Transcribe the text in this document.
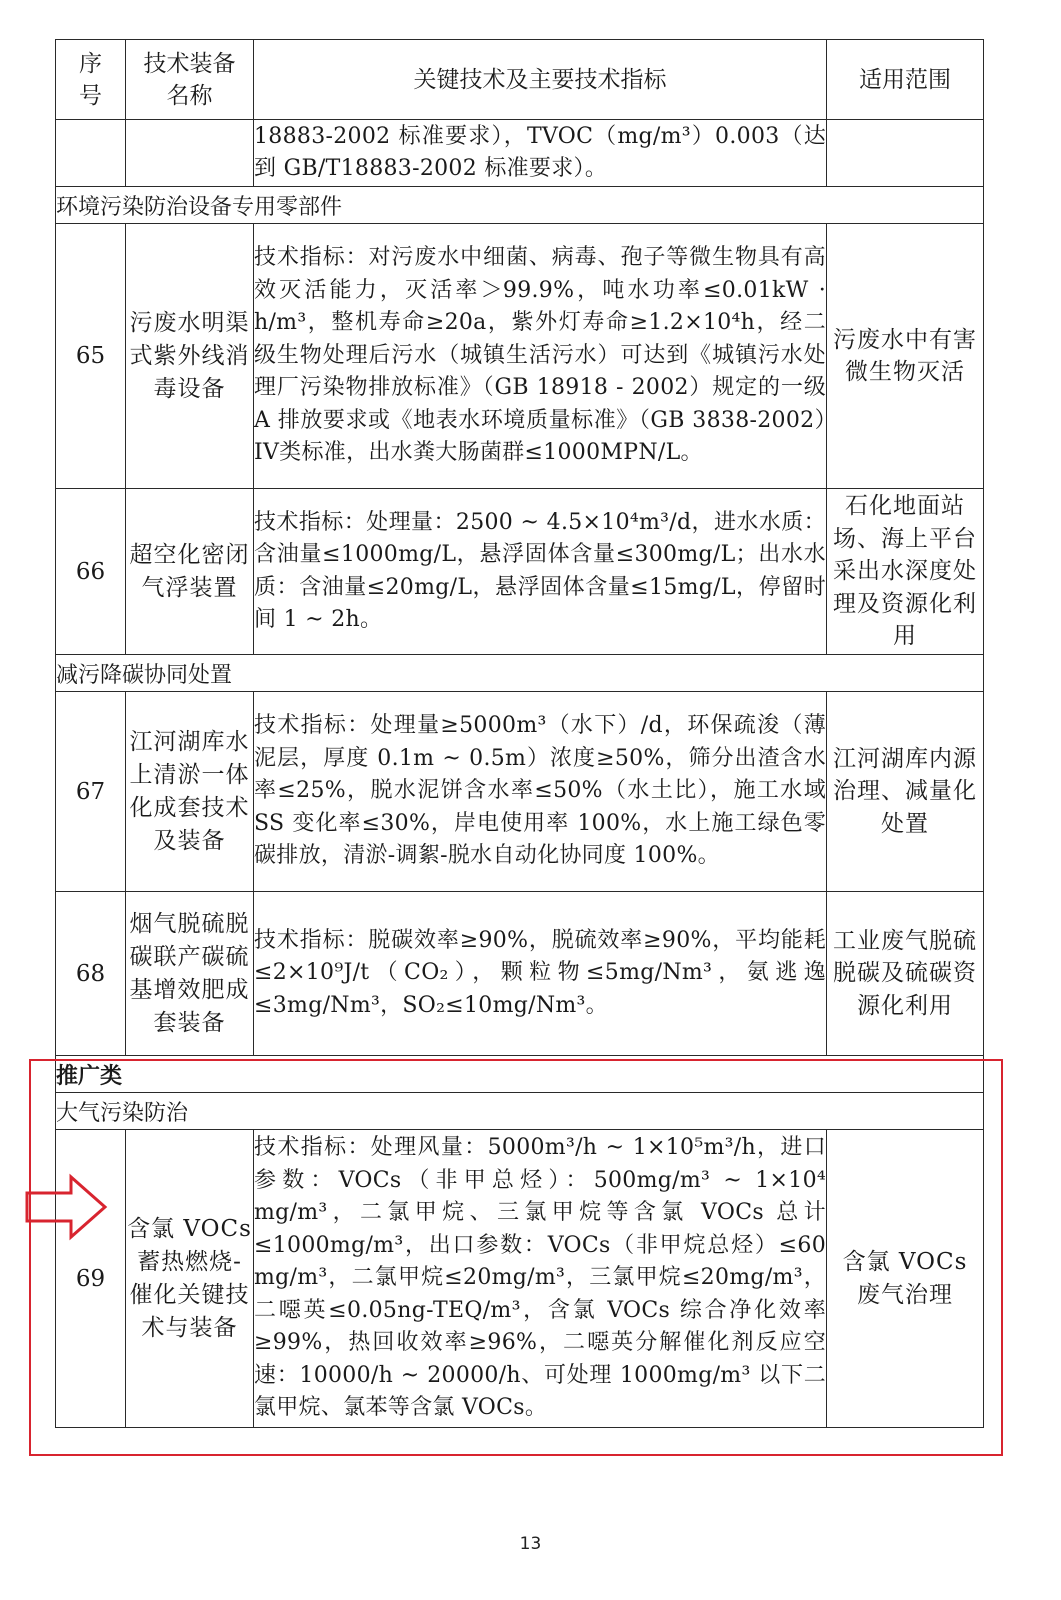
序号	技术装备名称	关键技术及主要技术指标	适用范围
		18883-2002 标准要求），TVOC（mg/m³）0.003（达到 GB/T18883-2002 标准要求）。	
环境污染防治设备专用零部件			
65	污废水明渠式紫外线消毒设备	技术指标：对污废水中细菌、病毒、孢子等微生物具有高效灭活能力，灭活率＞99.9%，吨水功率≤0.01kW · h/m³，整机寿命≥20a，紫外灯寿命≥1.2×10⁴h，经二级生物处理后污水（城镇生活污水）可达到《城镇污水处理厂污染物排放标准》（GB 18918 - 2002）规定的一级 A 排放要求或《地表水环境质量标准》（GB 3838-2002）IV类标准，出水粪大肠菌群≤1000MPN/L。	污废水中有害微生物灭活
66	超空化密闭气浮装置	技术指标：处理量：2500 ~ 4.5×10⁴m³/d，进水水质：含油量≤1000mg/L，悬浮固体含量≤300mg/L；出水水质：含油量≤20mg/L，悬浮固体含量≤15mg/L，停留时间 1 ~ 2h。	石化地面站场、海上平台采出水深度处理及资源化利用
减污降碳协同处置			
67	江河湖库水上清淤一体化成套技术及装备	技术指标：处理量≥5000m³（水下）/d，环保疏浚（薄泥层，厚度 0.1m ~ 0.5m）浓度≥50%，筛分出渣含水率≤25%，脱水泥饼含水率≤50%（水土比），施工水域 SS 变化率≤30%，岸电使用率 100%，水上施工绿色零碳排放，清淤-调絮-脱水自动化协同度 100%。	江河湖库内源治理、减量化处置
68	烟气脱硫脱碳联产碳硫基增效肥成套装备	技术指标：脱碳效率≥90%，脱硫效率≥90%，平均能耗≤2×10⁹J/t（CO₂），颗粒物≤5mg/Nm³，氨逃逸≤3mg/Nm³，SO₂≤10mg/Nm³。	工业废气脱硫脱碳及硫碳资源化利用
推广类			
大气污染防治			
69	含氯 VOCs 蓄热燃烧-催化关键技术与装备	技术指标：处理风量：5000m³/h ~ 1×10⁵m³/h，进口参数：VOCs（非甲总烃）：500mg/m³ ~ 1×10⁴ mg/m³，二氯甲烷、三氯甲烷等含氯 VOCs 总计≤1000mg/m³，出口参数：VOCs（非甲烷总烃）≤60 mg/m³，二氯甲烷≤20mg/m³，三氯甲烷≤20mg/m³，二噁英≤0.05ng-TEQ/m³，含氯 VOCs 综合净化效率≥99%，热回收效率≥96%，二噁英分解催化剂反应空速：10000/h ~ 20000/h、可处理 1000mg/m³ 以下二氯甲烷、氯苯等含氯 VOCs。	含氯 VOCs 废气治理
13
